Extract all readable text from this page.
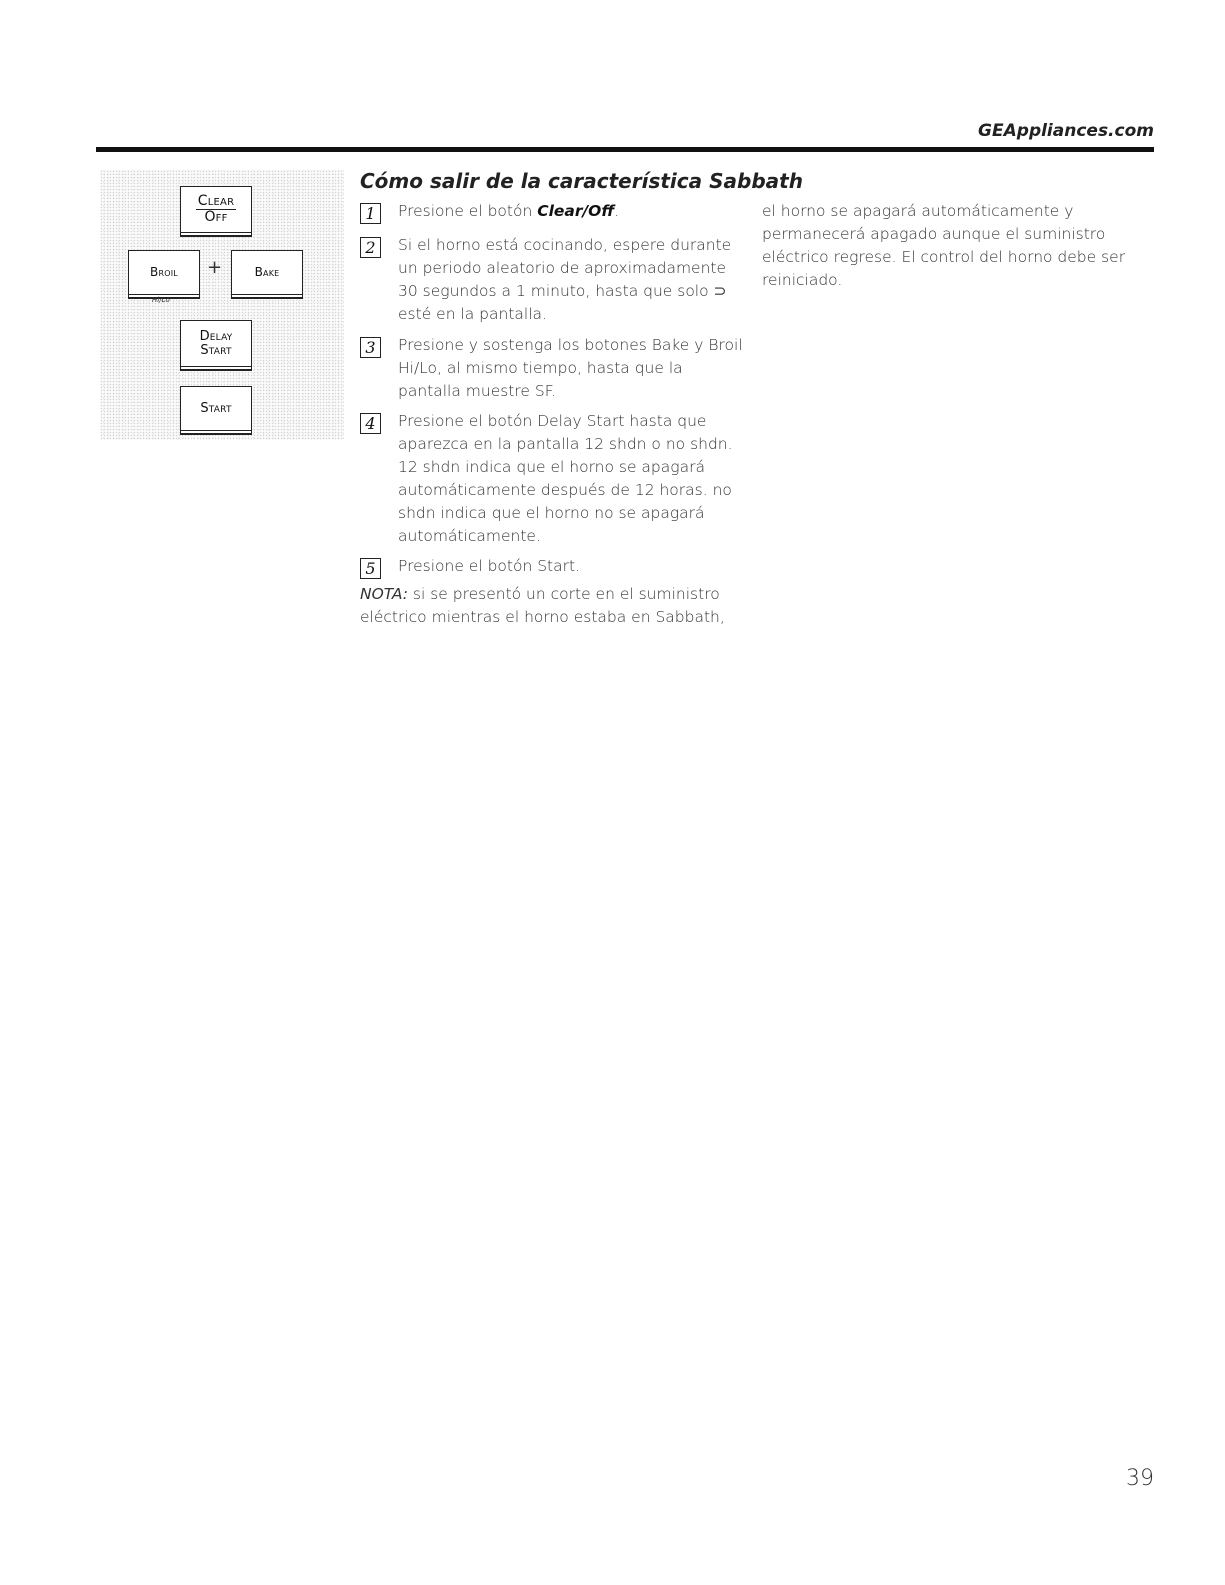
GEAppliances.com
Clear
Off
Broil +	Bake
Hi/Lo
Delay
Start
Start
Cómo salir de la característica Sabbath
1	Presione el botón Clear/Off.
2	Si el horno está cocinando, espere durante un periodo aleatorio de aproximadamente 30 segundos a 1 minuto, hasta que solo ⊃ esté en la pantalla.
3	Presione y sostenga los botones Bake y Broil Hi/Lo, al mismo tiempo, hasta que la pantalla muestre SF.
4	Presione el botón Delay Start hasta que aparezca en la pantalla 12 shdn o no shdn. 12 shdn indica que el horno se apagará automáticamente después de 12 horas. no shdn indica que el horno no se apagará automáticamente.
5	Presione el botón Start.
NOTA: si se presentó un corte en el suministro eléctrico mientras el horno estaba en Sabbath,
el horno se apagará automáticamente y permanecerá apagado aunque el suministro eléctrico regrese. El control del horno debe ser reiniciado.
39
